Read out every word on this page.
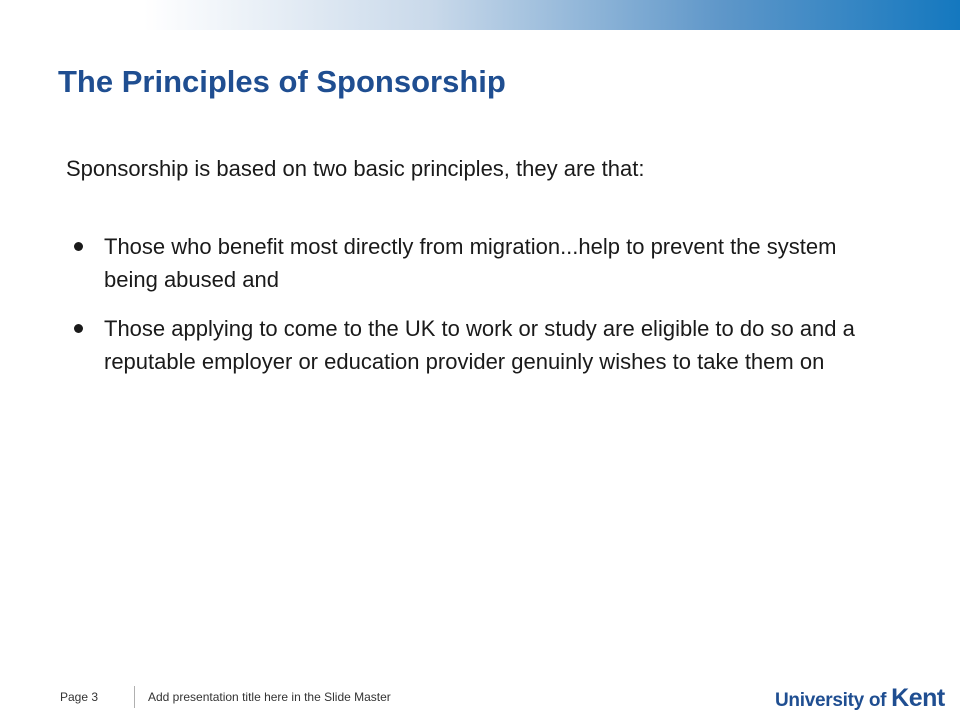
The Principles of Sponsorship

Sponsorship is based on two basic principles, they are that:

Those who benefit most directly from migration...help to prevent the system being abused and
Those applying to come to the UK to work or study are eligible to do so and a reputable employer or education provider genuinly wishes to take them on
Page 3	Add presentation title here in the Slide Master	University of Kent
